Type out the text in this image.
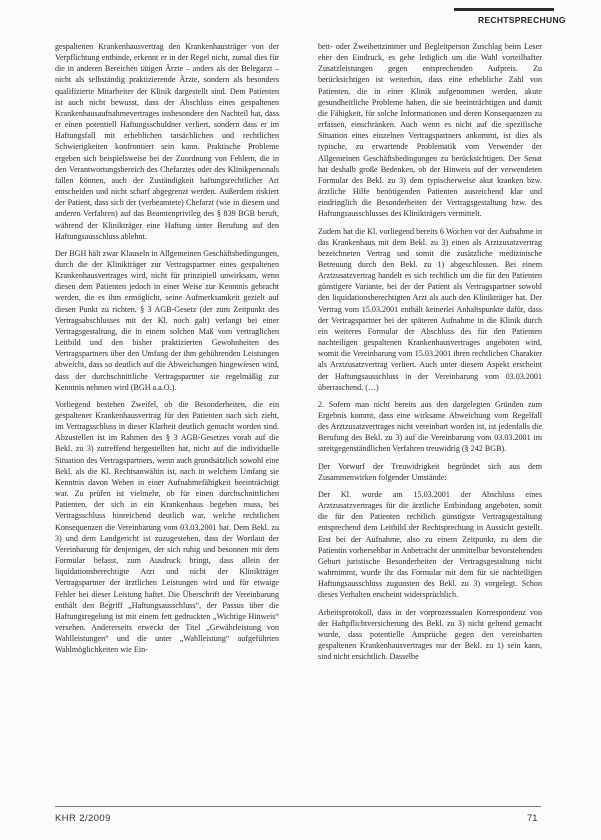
RECHTSPRECHUNG

gespaltenen Krankenhausvertrag den Krankenhausträger von der Verpflichtung entbinde, erkennt er in der Regel nicht, zumal dies für die in anderen Bereichen tätigen Ärzte – anders als der Belegarzt – nicht als selbständig praktizierende Ärzte, sondern als besonders qualifizierte Mitarbeiter der Klinik dargestellt sind. Dem Patienten ist auch nicht bewusst, dass der Abschluss eines gespaltenen Krankenhausaufnahmevertrages insbesondere den Nachteil hat, dass er einen potentiell Haftungsschuldner verliert, sondern dass er im Haftungsfall mit erheblichen tatsächlichen und rechtlichen Schwierigkeiten konfrontiert sein kann. Praktische Probleme ergeben sich beispielsweise bei der Zuordnung von Fehlern, die in den Verantwortungsbereich des Chefarztes oder des Klinikpersonals fallen können, auch der Zuständigkeit haftungsrechtlicher Art entscheiden und nicht scharf abgegrenzt werden. Außerdem riskiert der Patient, dass sich der (verbeamtete) Chefarzt (wie in diesem und anderen Verfahren) auf das Beamtenprivileg des § 839 BGB beruft, während der Klinikträger eine Haftung unter Berufung auf den Haftungsausschluss ablehnt.

Der BGH hält zwar Klauseln in Allgemeinen Geschäftsbedingungen, durch die der Klinikträger zur Vertragspartner eines gespaltenen Krankenhausvertrages wird, nicht für prinzipiell unwirksam, wenn diesen dem Patienten jedoch in einer Weise zur Kenntnis gebracht werden, die es ihm ermöglicht, seine Aufmerksamkeit gezielt auf diesen Punkt zu richten. § 3 AGB-Gesetz (der zum Zeitpunkt des Vertragsabschlusses mit der Kl. noch galt) verlangt bei einer Vertragsgestaltung, die in einem solchen Maß vom vertraglichen Leitbild und den bisher praktizierten Gewohnheiten des Vertragspartners über den Umfang der ihm gebührenden Leistungen abweicht, dass so deutlich auf die Abweichungen hingewiesen wird, dass der durchschnittliche Vertragspartner sie regelmäßig zur Kenntnis nehmen wird (BGH a.a.O.).

Vorliegend bestehen Zweifel, ob die Besonderheiten, die ein gespaltener Krankenhausvertrag für den Patienten nach sich zieht, im Vertragsschluss in dieser Klarheit deutlich gemacht worden sind. Abzustellen ist im Rahmen des § 3 AGB-Gesetzes vorab auf die Bekl. zu 3) zutreffend hergestellten hat, nicht auf die individuelle Situation des Vertragspartners, wenn auch grundsätzlich sowohl eine Bekl. als die Kl. Rechtsanwältin ist, nach in welchem Umfang sie Kenntnis davon Wehen in einer Aufnahmefähigkeit beeinträchtigt war. Zu prüfen ist vielmehr, ob für einen durchschnittlichen Patienten, der sich in ein Krankenhaus begeben muss, bei Vertragsschluss hinreichend deutlich war, welche rechtlichen Konsequenzen die Vereinbarung vom 03.03.2001 hat. Dem Bekl. zu 3) und dem Landgericht ist zuzugestehen, dass der Wortlaut der Vereinbarung für denjenigen, der sich ruhig und besonnen mit dem Formular befasst, zum Ausdruck bringt, dass allein der liquidationsberechtigte Arzt und nicht der Klinikträger Vertragspartner der ärztlichen Leistungen wird und für etwaige Fehler bei dieser Leistung haftet. Die Überschrift der Vereinbarung enthält den Begriff „Haftungsausschluss“, der Passus über die Haftungsregelung ist mit einem fett gedruckten „Wichtige Hinweis“ versehen. Andererseits erweckt der Titel „Gewährleistung von Wahlleistungen“ und die unter „Wahlleistung“ aufgeführten Wahlmöglichkeiten wie Ein-

bett- oder Zweibettzimmer und Begleitperson Zuschlag beim Leser eher den Eindruck, es gehe lediglich um die Wahl vorteilhafter Zusatzleistungen gegen entsprechenden Aufpreis. Zu berücksichtigen ist weiterhin, dass eine erhebliche Zahl von Patienten, die in einer Klinik aufgenommen werden, akute gesundheitliche Probleme haben, die sie beeinträchtigen und damit die Fähigkeit, für solche Informationen und deren Konsequenzen zu erfassen, einschränken. Auch wenn es nicht auf die spezifische Situation eines einzelnen Vertragspartners ankommt, ist dies als typische, zu erwartende Problematik vom Verwender der Allgemeinen Geschäftsbedingungen zu berücksichtigen. Der Senat hat deshalb große Bedenken, ob der Hinweis auf der verwendeten Formular des Bekl. zu 3) dem typischerweise akut kranken bzw. ärztliche Hilfe benötigenden Patienten ausreichend klar und eindringlich die Besonderheiten der Vertragsgestaltung bzw. des Haftungsausschlusses des Klinikträgers vermittelt.

Zudem hat die Kl. vorliegend bereits 6 Wochen vor der Aufnahme in das Krankenhaus mit dem Bekl. zu 3) einen als Arztzusatzvertrag bezeichneten Vertrag und somit die zusätzliche medizinische Betreuung durch den Bekl. zu 1) abgeschlossen. Bei einem Arztzusatzvertrag handelt es sich rechtlich um die für den Patienten günstigere Variante, bei der der Patient als Vertragspartner sowohl den liquidationsberechtigten Arzt als auch den Klinikträger hat. Der Vertrag vom 15.03.2001 enthält keinerlei Anhaltspunkte dafür, dass der Vertragspartner bei der späteren Aufnahme in die Klinik durch ein weiteres Formular der Abschluss des für den Patienten nachteiligen gespaltenen Krankenhausvertrages angeboten wird, womit die Vereinbarung vom 15.03.2001 ihren rechtlichen Charakter als Arztzusatzvertrag verliert. Auch unter diesem Aspekt erscheint der Haftungsausschluss in der Vereinbarung vom 03.03.2001 überraschend. (…)

2. Sofern man nicht bereits aus den dargelegten Gründen zum Ergebnis kommt, dass eine wirksame Abweichung vom Regelfall des Arztzusatzvertrages nicht vereinbart worden ist, ist jedenfalls die Berufung des Bekl. zu 3) auf die Vereinbarung vom 03.03.2001 im streitgegenständlichen Verfahren treuwidrig (§ 242 BGB).

Der Vorwurf der Treuwidrigkeit begründet sich aus dem Zusammenwirken folgender Umstände:

Der Kl. wurde am 15.03.2001 der Abschluss eines Arztzusatzvertrages für die ärztliche Entbindung angeboten, somit die für den Patienten rechtlich günstigste Vertragsgestaltung entsprechend dem Leitbild der Rechtsprechung in Aussicht gestellt. Erst bei der Aufnahme, also zu einem Zeitpunkt, zu dem die Patientin vorhersehbar in Anbetracht der unmittelbar bevorstehenden Geburt juristische Besonderheiten der Vertragsgestaltung nicht wahrnimmt, wurde ihr das Formular mit dem für sie nachteiligen Haftungsausschluss zugunsten des Bekl. zu 3) vorgelegt. Schon dieses Verhalten erscheint widersprüchlich.

Arbeitsprotokoll, dass in der vorprozessualen Korrespondenz von der Haftpflichtversicherung des Bekl. zu 3) nicht geltend gemacht wurde, dass potentielle Ansprüche gegen den vereinbarten gespaltenen Krankenhausvertrages nur der Bekl. zu 1) sein kann, sind nicht ersichtlich. Dasselbe

KHR 2/2009	71
